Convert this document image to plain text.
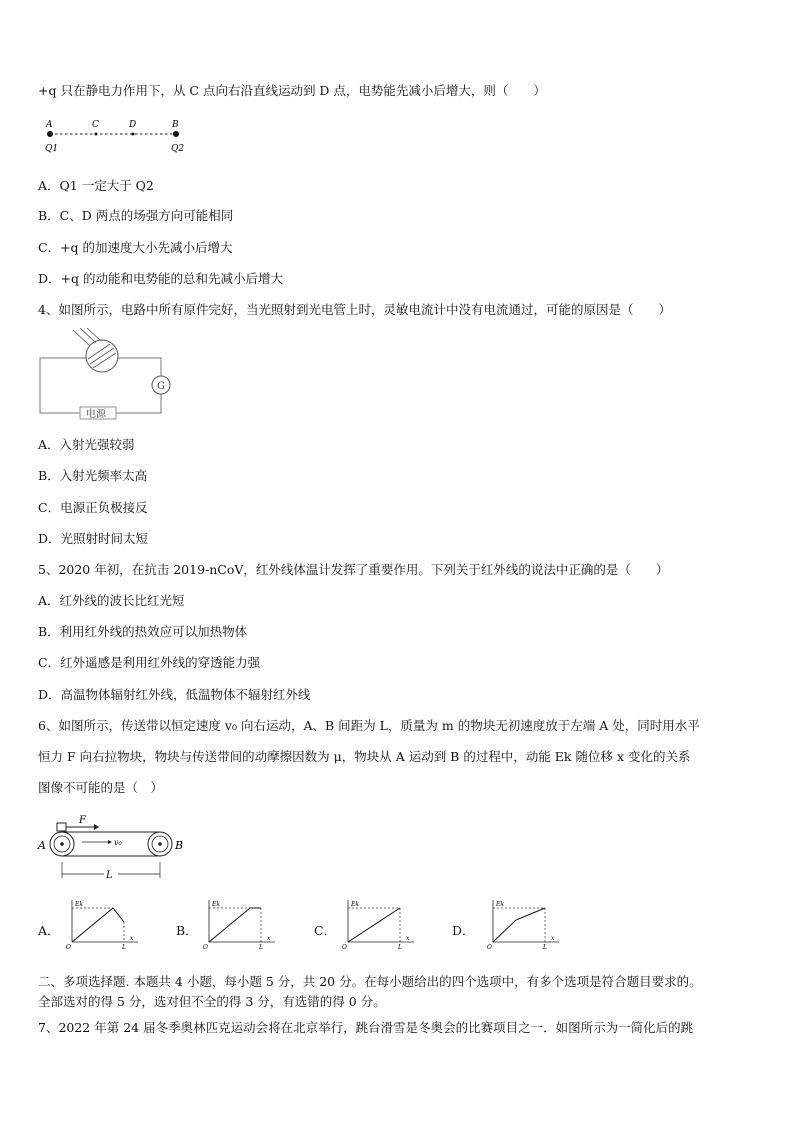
+q 只在静电力作用下，从 C 点向右沿直线运动到 D 点，电势能先减小后增大，则（　　）
A	C	D	B
Q1	Q2
A．Q1 一定大于 Q2
B．C、D 两点的场强方向可能相同
C．+q 的加速度大小先减小后增大
D．+q 的动能和电势能的总和先减小后增大
4、如图所示，电路中所有原件完好，当光照射到光电管上时，灵敏电流计中没有电流通过，可能的原因是（　　）
G
电源
A．入射光强较弱
B．入射光频率太高
C．电源正负极接反
D．光照射时间太短
5、2020 年初，在抗击 2019-nCoV，红外线体温计发挥了重要作用。下列关于红外线的说法中正确的是（　　）
A．红外线的波长比红光短
B．利用红外线的热效应可以加热物体
C．红外遥感是利用红外线的穿透能力强
D．高温物体辐射红外线，低温物体不辐射红外线
6、如图所示，传送带以恒定速度 v₀ 向右运动，A、B 间距为 L，质量为 m 的物块无初速度放于左端 A 处，同时用水平
恒力 F 向右拉物块，物块与传送带间的动摩擦因数为 μ，物块从 A 运动到 B 的过程中，动能 Ek 随位移 x 变化的关系
图像不可能的是（　）
F
v₀
A	B
L
A．
Ek
O	L
x
B．
Ek
O	L
x
C．
Ek
O	L
x
D．
Ek
O	L
x
二、多项选择题. 本题共 4 小题，每小题 5 分，共 20 分。在每小题给出的四个选项中，有多个选项是符合题目要求的。
全部选对的得 5 分，选对但不全的得 3 分，有选错的得 0 分。
7、2022 年第 24 届冬季奥林匹克运动会将在北京举行，跳台滑雪是冬奥会的比赛项目之一．如图所示为一简化后的跳
